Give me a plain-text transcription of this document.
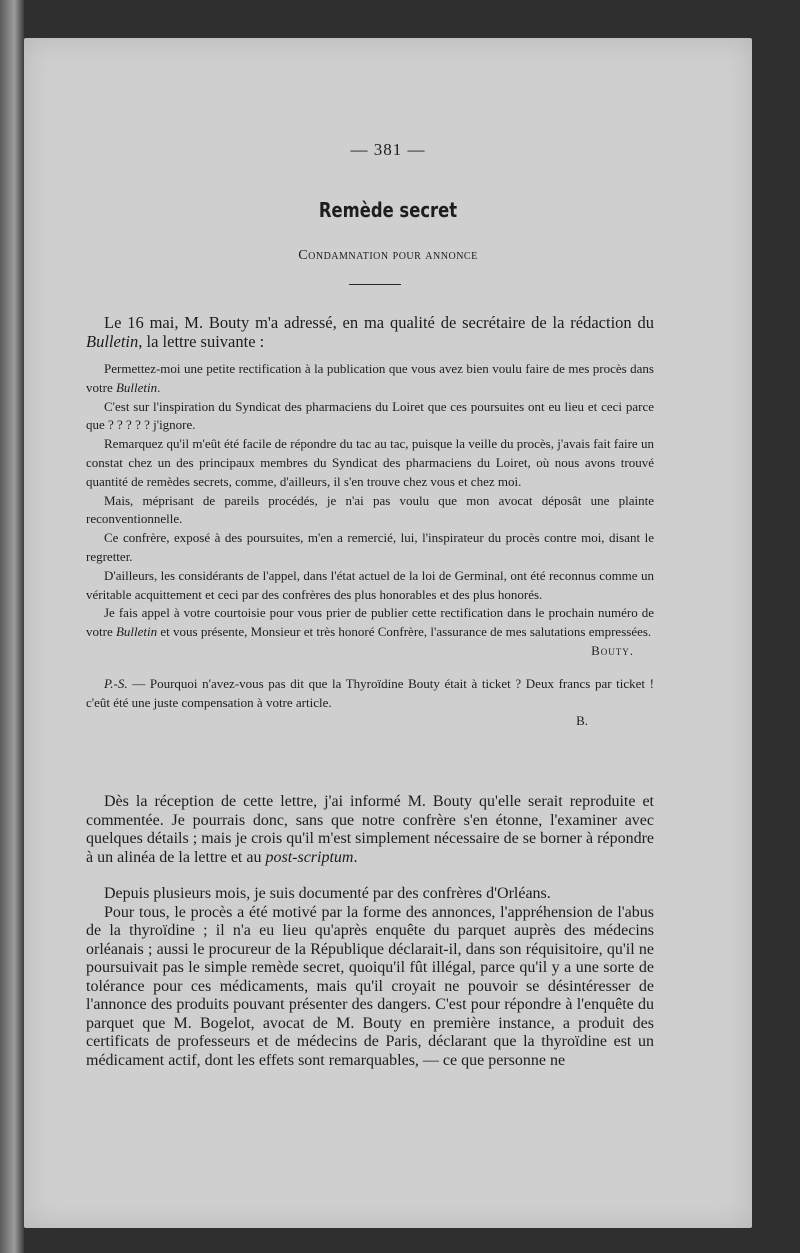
— 381 —
Remède secret
Condamnation pour annonce
Le 16 mai, M. Bouty m'a adressé, en ma qualité de secrétaire de la rédaction du Bulletin, la lettre suivante :

Permettez-moi une petite rectification à la publication que vous avez bien voulu faire de mes procès dans votre Bulletin.

C'est sur l'inspiration du Syndicat des pharmaciens du Loiret que ces poursuites ont eu lieu et ceci parce que ? ? ? ? ? j'ignore.

Remarquez qu'il m'eût été facile de répondre du tac au tac, puisque la veille du procès, j'avais fait faire un constat chez un des principaux membres du Syndicat des pharmaciens du Loiret, où nous avons trouvé quantité de remèdes secrets, comme, d'ailleurs, il s'en trouve chez vous et chez moi.

Mais, méprisant de pareils procédés, je n'ai pas voulu que mon avocat déposât une plainte reconventionnelle.

Ce confrère, exposé à des poursuites, m'en a remercié, lui, l'inspirateur du procès contre moi, disant le regretter.

D'ailleurs, les considérants de l'appel, dans l'état actuel de la loi de Germinal, ont été reconnus comme un véritable acquittement et ceci par des confrères des plus honorables et des plus honorés.

Je fais appel à votre courtoisie pour vous prier de publier cette rectification dans le prochain numéro de votre Bulletin et vous présente, Monsieur et très honoré Confrère, l'assurance de mes salutations empressées.

Bouty.

P.-S. — Pourquoi n'avez-vous pas dit que la Thyroïdine Bouty était à ticket ? Deux francs par ticket ! c'eût été une juste compensation à votre article.

B.

Dès la réception de cette lettre, j'ai informé M. Bouty qu'elle serait reproduite et commentée. Je pourrais donc, sans que notre confrère s'en étonne, l'examiner avec quelques détails ; mais je crois qu'il m'est simplement nécessaire de se borner à répondre à un alinéa de la lettre et au post-scriptum.

Depuis plusieurs mois, je suis documenté par des confrères d'Orléans.

Pour tous, le procès a été motivé par la forme des annonces, l'appréhension de l'abus de la thyroïdine ; il n'a eu lieu qu'après enquête du parquet auprès des médecins orléanais ; aussi le procureur de la République déclarait-il, dans son réquisitoire, qu'il ne poursuivait pas le simple remède secret, quoiqu'il fût illégal, parce qu'il y a une sorte de tolérance pour ces médicaments, mais qu'il croyait ne pouvoir se désintéresser de l'annonce des produits pouvant présenter des dangers. C'est pour répondre à l'enquête du parquet que M. Bogelot, avocat de M. Bouty en première instance, a produit des certificats de professeurs et de médecins de Paris, déclarant que la thyroïdine est un médicament actif, dont les effets sont remarquables, — ce que personne ne
